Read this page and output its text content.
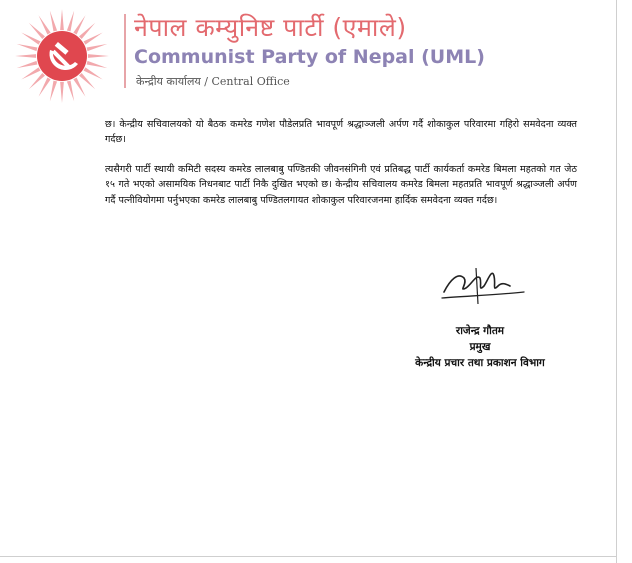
नेपाल कम्युनिष्ट पार्टी (एमाले)
Communist Party of Nepal (UML)
केन्द्रीय कार्यालय / Central Office

छ। केन्द्रीय सचिवालयको यो बैठक कमरेड गणेश पौडेलप्रति भावपूर्ण श्रद्धाञ्जली अर्पण गर्दै शोकाकुल परिवारमा गहिरो समवेदना व्यक्त गर्दछ।

त्यसैगरी पार्टी स्थायी कमिटी सदस्य कमरेड लालबाबु पण्डितकी जीवनसंगिनी एवं प्रतिबद्ध पार्टी कार्यकर्ता कमरेड बिमला महतको गत जेठ १५ गते भएको असामयिक निधनबाट पार्टी निकै दुखित भएको छ। केन्द्रीय सचिवालय कमरेड बिमला महतप्रति भावपूर्ण श्रद्धाञ्जली अर्पण गर्दै पत्नीवियोगमा पर्नुभएका कमरेड लालबाबु पण्डितलगायत शोकाकुल परिवारजनमा हार्दिक समवेदना व्यक्त गर्दछ।

राजेन्द्र गौतम
प्रमुख
केन्द्रीय प्रचार तथा प्रकाशन विभाग
